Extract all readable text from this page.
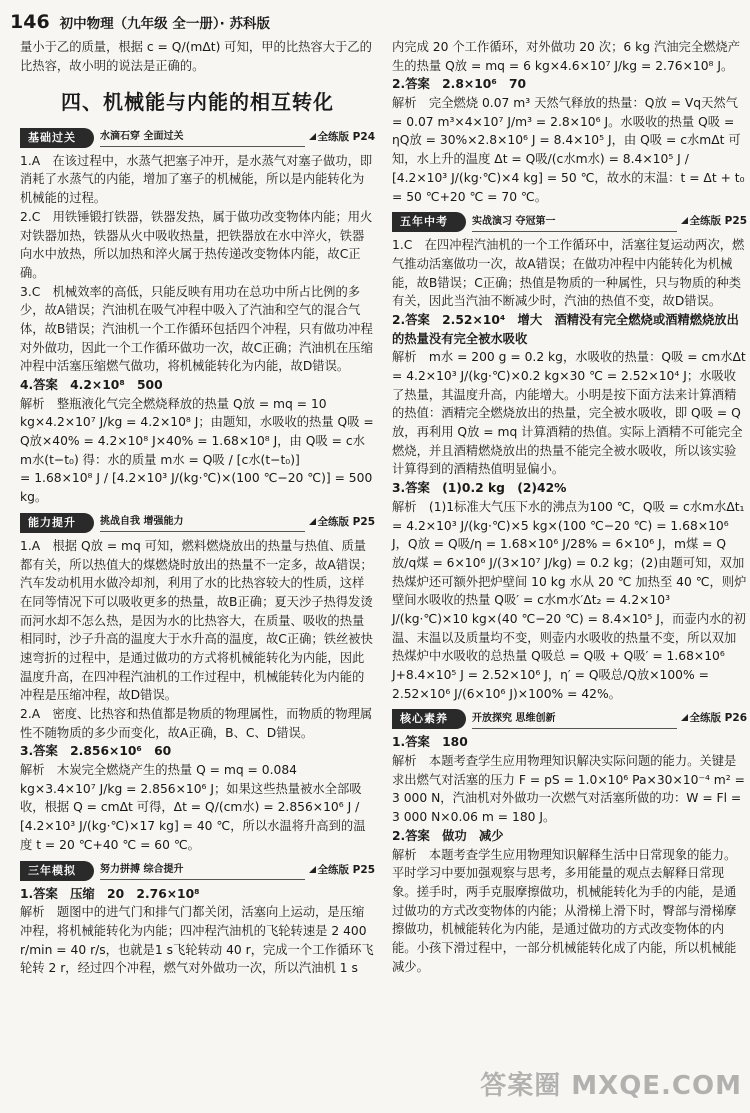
146 初中物理（九年级 全一册）· 苏科版

量小于乙的质量，根据 c = Q/(mΔt) 可知，甲的比热容大于乙的比热容，故小明的说法是正确的。

四、机械能与内能的相互转化
基础过关	水滴石穿 全面过关	全练版 P24

1.A　在该过程中，水蒸气把塞子冲开，是水蒸气对塞子做功，即消耗了水蒸气的内能，增加了塞子的机械能，所以是内能转化为机械能的过程。

2.C　用铁锤锻打铁器，铁器发热，属于做功改变物体内能；用火对铁器加热，铁器从火中吸收热量，把铁器放在水中淬火，铁器向水中放热，所以加热和淬火属于热传递改变物体内能，故C正确。

3.C　机械效率的高低，只能反映有用功在总功中所占比例的多少，故A错误；汽油机在吸气冲程中吸入了汽油和空气的混合气体，故B错误；汽油机一个工作循环包括四个冲程，只有做功冲程对外做功，因此一个工作循环做功一次，故C正确；汽油机在压缩冲程中活塞压缩燃气做功，将机械能转化为内能，故D错误。

4.答案　4.2×10⁸　500

解析　整瓶液化气完全燃烧释放的热量 Q放 = mq = 10 kg×4.2×10⁷ J/kg = 4.2×10⁸ J；由题知，水吸收的热量 Q吸 = Q放×40% = 4.2×10⁸ J×40% = 1.68×10⁸ J，由 Q吸 = c水m水(t−t₀) 得：水的质量 m水 = Q吸 / [c水(t−t₀)]

= 1.68×10⁸ J / [4.2×10³ J/(kg·℃)×(100 ℃−20 ℃)] = 500 kg。

能力提升	挑战自我 增强能力	全练版 P25

1.A　根据 Q放 = mq 可知，燃料燃烧放出的热量与热值、质量都有关，所以热值大的煤燃烧时放出的热量不一定多，故A错误；汽车发动机用水做冷却剂，利用了水的比热容较大的性质，这样在同等情况下可以吸收更多的热量，故B正确；夏天沙子热得发烫而河水却不怎么热，是因为水的比热容大，在质量、吸收的热量相同时，沙子升高的温度大于水升高的温度，故C正确；铁丝被快速弯折的过程中，是通过做功的方式将机械能转化为内能，因此温度升高，在四冲程汽油机的工作过程中，机械能转化为内能的冲程是压缩冲程，故D错误。

2.A　密度、比热容和热值都是物质的物理属性，而物质的物理属性不随物质的多少而变化，故A正确，B、C、D错误。

3.答案　2.856×10⁶　60

解析　木炭完全燃烧产生的热量 Q = mq = 0.084 kg×3.4×10⁷ J/kg = 2.856×10⁶ J；如果这些热量被水全部吸收，根据 Q = cmΔt 可得，Δt = Q/(cm水) = 2.856×10⁶ J / [4.2×10³ J/(kg·℃)×17 kg] = 40 ℃，所以水温将升高到的温度 t = 20 ℃+40 ℃ = 60 ℃。

三年模拟	努力拼搏 综合提升	全练版 P25

1.答案　压缩　20　2.76×10⁸

解析　题图中的进气门和排气门都关闭，活塞向上运动，是压缩冲程，将机械能转化为内能；四冲程汽油机的飞轮转速是 2 400 r/min = 40 r/s，也就是1 s飞轮转动 40 r，完成一个工作循环飞轮转 2 r，经过四个冲程，燃气对外做功一次，所以汽油机 1 s

内完成 20 个工作循环，对外做功 20 次；6 kg 汽油完全燃烧产生的热量 Q放 = mq = 6 kg×4.6×10⁷ J/kg = 2.76×10⁸ J。

2.答案　2.8×10⁶　70

解析　完全燃烧 0.07 m³ 天然气释放的热量：Q放 = Vq天然气 = 0.07 m³×4×10⁷ J/m³ = 2.8×10⁶ J。水吸收的热量 Q吸 = ηQ放 = 30%×2.8×10⁶ J = 8.4×10⁵ J，由 Q吸 = c水mΔt 可知，水上升的温度 Δt = Q吸/(c水m水) = 8.4×10⁵ J / [4.2×10³ J/(kg·℃)×4 kg] = 50 ℃，故水的末温：t = Δt + t₀ = 50 ℃+20 ℃ = 70 ℃。

五年中考	实战演习 夺冠第一	全练版 P25

1.C　在四冲程汽油机的一个工作循环中，活塞往复运动两次，燃气推动活塞做功一次，故A错误；在做功冲程中内能转化为机械能，故B错误；C正确；热值是物质的一种属性，只与物质的种类有关，因此当汽油不断减少时，汽油的热值不变，故D错误。

2.答案　2.52×10⁴　增大　酒精没有完全燃烧或酒精燃烧放出的热量没有完全被水吸收

解析　m水 = 200 g = 0.2 kg，水吸收的热量：Q吸 = cm水Δt = 4.2×10³ J/(kg·℃)×0.2 kg×30 ℃ = 2.52×10⁴ J；水吸收了热量，其温度升高，内能增大。小明是按下面方法来计算酒精的热值：酒精完全燃烧放出的热量，完全被水吸收，即 Q吸 = Q放，再利用 Q放 = mq 计算酒精的热值。实际上酒精不可能完全燃烧，并且酒精燃烧放出的热量不能完全被水吸收，所以该实验计算得到的酒精热值明显偏小。

3.答案　(1)0.2 kg　(2)42%

解析　(1)1标准大气压下水的沸点为100 ℃，Q吸 = c水m水Δt₁ = 4.2×10³ J/(kg·℃)×5 kg×(100 ℃−20 ℃) = 1.68×10⁶ J，Q放 = Q吸/η = 1.68×10⁶ J/28% = 6×10⁶ J，m煤 = Q放/q煤 = 6×10⁶ J/(3×10⁷ J/kg) = 0.2 kg；(2)由题可知，双加热煤炉还可额外把炉壁间 10 kg 水从 20 ℃ 加热至 40 ℃，则炉壁间水吸收的热量 Q吸′ = c水m水′Δt₂ = 4.2×10³ J/(kg·℃)×10 kg×(40 ℃−20 ℃) = 8.4×10⁵ J，而壶内水的初温、末温以及质量均不变，则壶内水吸收的热量不变，所以双加热煤炉中水吸收的总热量 Q吸总 = Q吸 + Q吸′ = 1.68×10⁶ J+8.4×10⁵ J = 2.52×10⁶ J，η′ = Q吸总/Q放×100% = 2.52×10⁶ J/(6×10⁶ J)×100% = 42%。

核心素养	开放探究 思维创新	全练版 P26

1.答案　180

解析　本题考查学生应用物理知识解决实际问题的能力。关键是求出燃气对活塞的压力 F = pS = 1.0×10⁶ Pa×30×10⁻⁴ m² = 3 000 N，汽油机对外做功一次燃气对活塞所做的功：W = Fl = 3 000 N×0.06 m = 180 J。

2.答案　做功　减少

解析　本题考查学生应用物理知识解释生活中日常现象的能力。平时学习中要加强观察与思考，多用能量的观点去解释日常现象。搓手时，两手克服摩擦做功，机械能转化为手的内能，是通过做功的方式改变物体的内能；从滑梯上滑下时，臀部与滑梯摩擦做功，机械能转化为内能，是通过做功的方式改变物体的内能。小孩下滑过程中，一部分机械能转化成了内能，所以机械能减少。

答案圈 MXQE.COM
